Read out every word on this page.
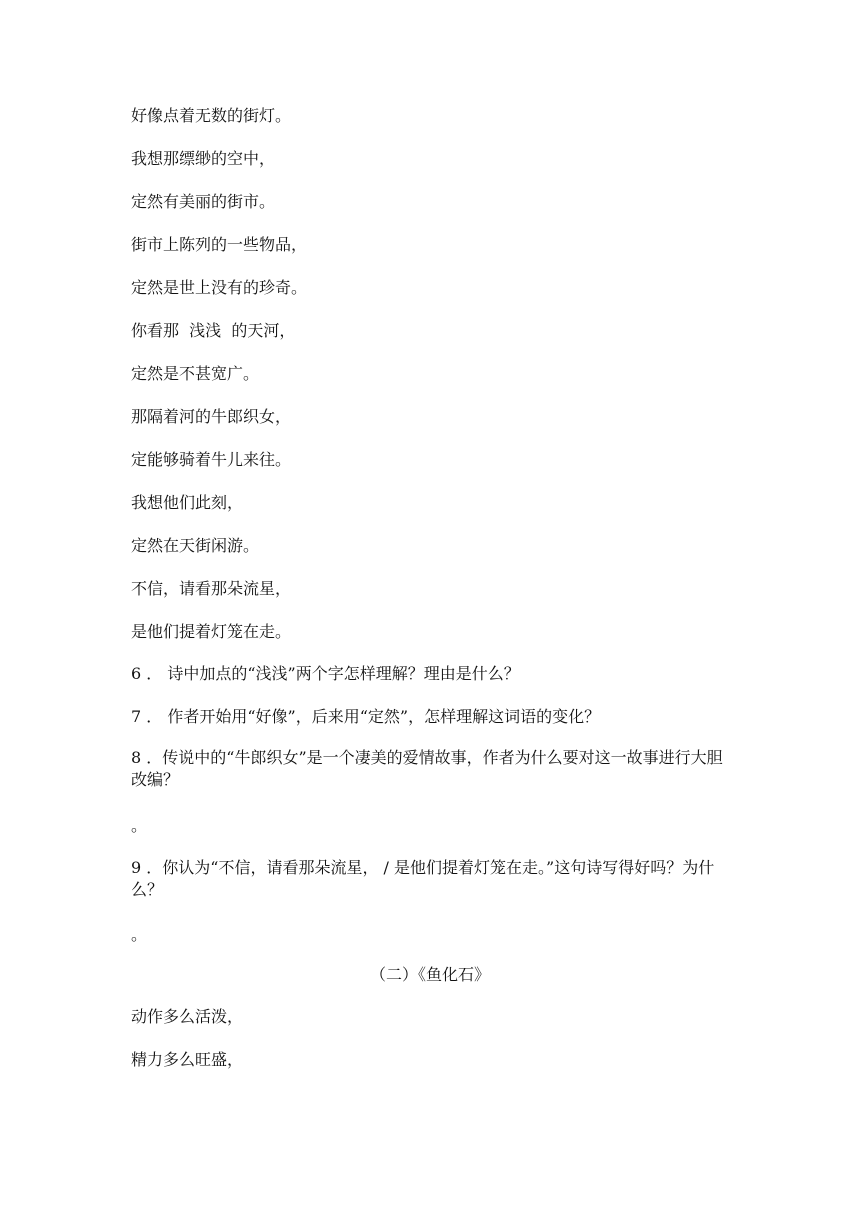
好像点着无数的街灯。
我想那缥缈的空中，
定然有美丽的街市。
街市上陈列的一些物品，
定然是世上没有的珍奇。
你看那  浅浅  的天河，
定然是不甚宽广。
那隔着河的牛郎织女，
定能够骑着牛儿来往。
我想他们此刻，
定然在天街闲游。
不信，请看那朵流星，
是他们提着灯笼在走。
6 ． 诗中加点的“浅浅”两个字怎样理解？理由是什么？
7 ． 作者开始用“好像”，后来用“定然”，怎样理解这词语的变化？
8 ．传说中的“牛郎织女”是一个凄美的爱情故事，作者为什么要对这一故事进行大胆改编？
。
9 ．你认为“不信，请看那朵流星， / 是他们提着灯笼在走。”这句诗写得好吗？为什么？
。
（二）《鱼化石》
动作多么活泼，
精力多么旺盛，
